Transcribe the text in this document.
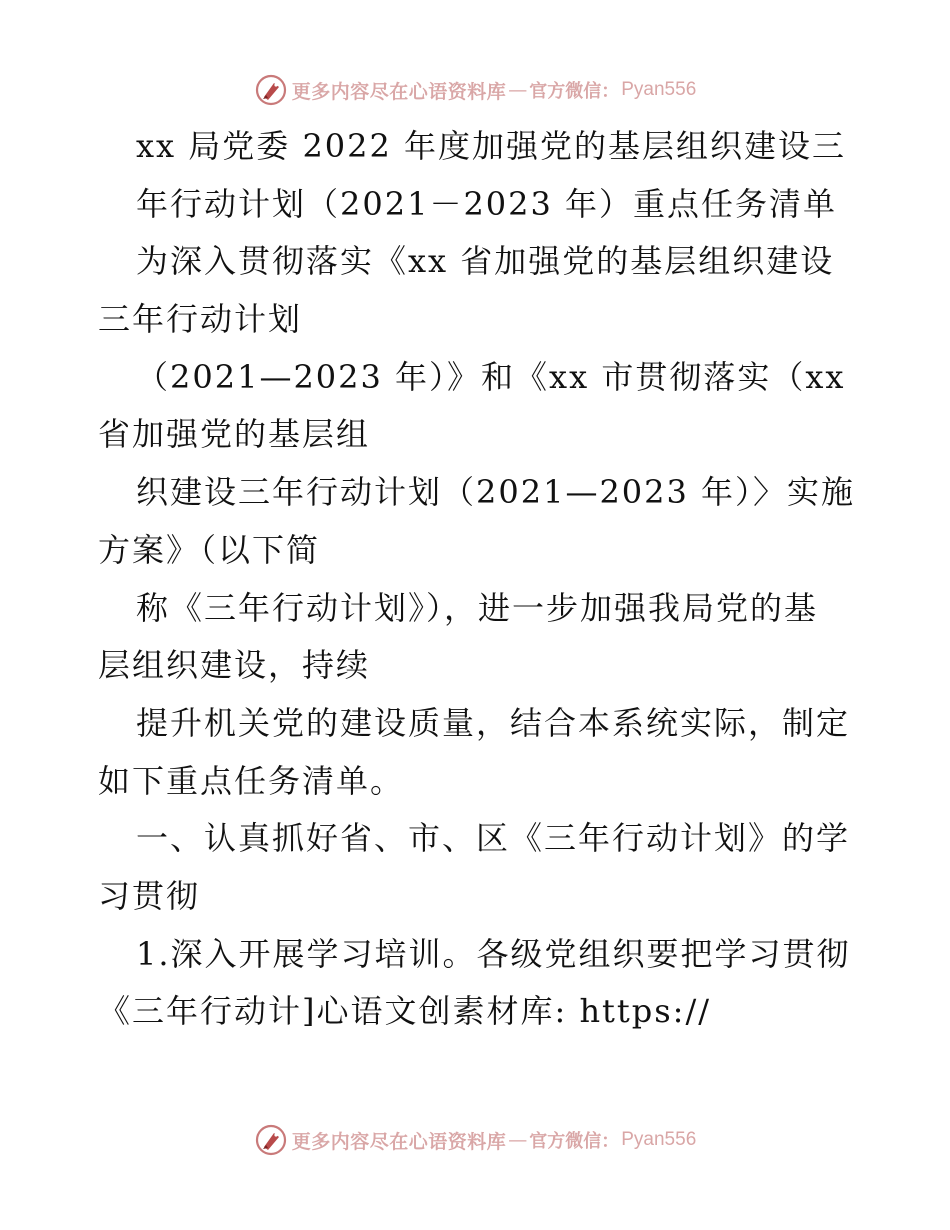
更多内容尽在心语资料库 — 官方微信： Pyan556
xx 局党委 2022 年度加强党的基层组织建设三
年行动计划（2021－2023 年）重点任务清单
为深入贯彻落实《xx 省加强党的基层组织建设
三年行动计划
（2021—2023 年）》和《xx 市贯彻落实（xx
省加强党的基层组
织建设三年行动计划（2021—2023 年）〉实施
方案》（以下简
称《三年行动计划》），进一步加强我局党的基
层组织建设，持续
提升机关党的建设质量，结合本系统实际，制定
如下重点任务清单。
一、认真抓好省、市、区《三年行动计划》的学
习贯彻
1.深入开展学习培训。各级党组织要把学习贯彻
《三年行动计]心语文创素材库: https://
更多内容尽在心语资料库 — 官方微信： Pyan556
